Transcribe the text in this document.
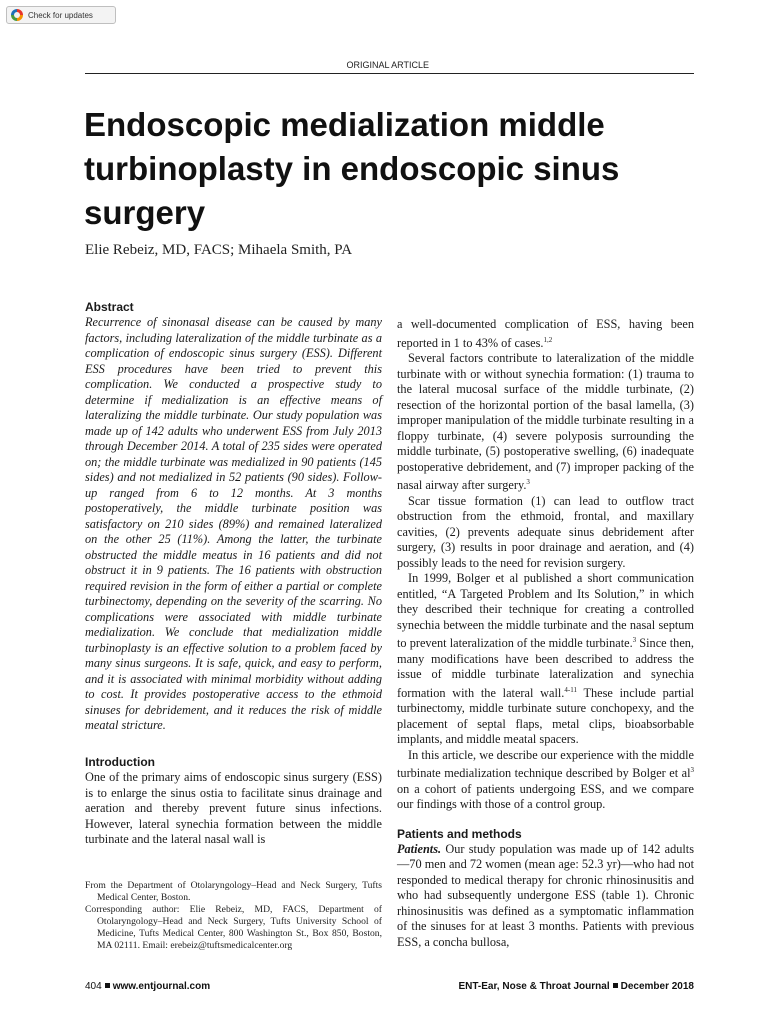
Check for updates
ORIGINAL ARTICLE
Endoscopic medialization middle turbinoplasty in endoscopic sinus surgery

Elie Rebeiz, MD, FACS; Mihaela Smith, PA

Abstract

Recurrence of sinonasal disease can be caused by many factors, including lateralization of the middle turbinate as a complication of endoscopic sinus surgery (ESS). Different ESS procedures have been tried to prevent this complication. We conducted a prospective study to determine if medialization is an effective means of lateralizing the middle turbinate. Our study population was made up of 142 adults who underwent ESS from July 2013 through December 2014. A total of 235 sides were operated on; the middle turbinate was medialized in 90 patients (145 sides) and not medialized in 52 patients (90 sides). Follow-up ranged from 6 to 12 months. At 3 months postoperatively, the middle turbinate position was satisfactory on 210 sides (89%) and remained lateralized on the other 25 (11%). Among the latter, the turbinate obstructed the middle meatus in 16 patients and did not obstruct it in 9 patients. The 16 patients with obstruction required revision in the form of either a partial or complete turbinectomy, depending on the severity of the scarring. No complications were associated with middle turbinate medialization. We conclude that medialization middle turbinoplasty is an effective solution to a problem faced by many sinus surgeons. It is safe, quick, and easy to perform, and it is associated with minimal morbidity without adding to cost. It provides postoperative access to the ethmoid sinuses for debridement, and it reduces the risk of middle meatal stricture.

Introduction

One of the primary aims of endoscopic sinus surgery (ESS) is to enlarge the sinus ostia to facilitate sinus drainage and aeration and thereby prevent future sinus infections. However, lateral synechia formation between the middle turbinate and the lateral nasal wall is

From the Department of Otolaryngology–Head and Neck Surgery, Tufts Medical Center, Boston.

Corresponding author: Elie Rebeiz, MD, FACS, Department of Otolaryngology–Head and Neck Surgery, Tufts University School of Medicine, Tufts Medical Center, 800 Washington St., Box 850, Boston, MA 02111. Email: erebeiz@tuftsmedicalcenter.org

a well-documented complication of ESS, having been reported in 1 to 43% of cases.$^{1,2}$

Several factors contribute to lateralization of the middle turbinate with or without synechia formation: (1) trauma to the lateral mucosal surface of the middle turbinate, (2) resection of the horizontal portion of the basal lamella, (3) improper manipulation of the middle turbinate resulting in a floppy turbinate, (4) severe polyposis surrounding the middle turbinate, (5) postoperative swelling, (6) inadequate postoperative debridement, and (7) improper packing of the nasal airway after surgery.$^3$

Scar tissue formation (1) can lead to outflow tract obstruction from the ethmoid, frontal, and maxillary cavities, (2) prevents adequate sinus debridement after surgery, (3) results in poor drainage and aeration, and (4) possibly leads to the need for revision surgery.

In 1999, Bolger et al published a short communication entitled, “A Targeted Problem and Its Solution,” in which they described their technique for creating a controlled synechia between the middle turbinate and the nasal septum to prevent lateralization of the middle turbinate.$^3$ Since then, many modifications have been described to address the issue of middle turbinate lateralization and synechia formation with the lateral wall.$^{4-11}$ These include partial turbinectomy, middle turbinate suture conchopexy, and the placement of septal flaps, metal clips, bioabsorbable implants, and middle meatal spacers.

In this article, we describe our experience with the middle turbinate medialization technique described by Bolger et $al^3$ on a cohort of patients undergoing ESS, and we compare our findings with those of a control group.

Patients and methods

Patients. Our study population was made up of 142 adults—70 men and 72 women (mean age: 52.3 yr)—who had not responded to medical therapy for chronic rhinosinusitis and who had subsequently undergone ESS (table 1). Chronic rhinosinusitis was defined as a symptomatic inflammation of the sinuses for at least 3 months. Patients with previous ESS, a concha bullosa,

404 www.entjournal.com	ENT-Ear, Nose & Throat Journal December 2018
